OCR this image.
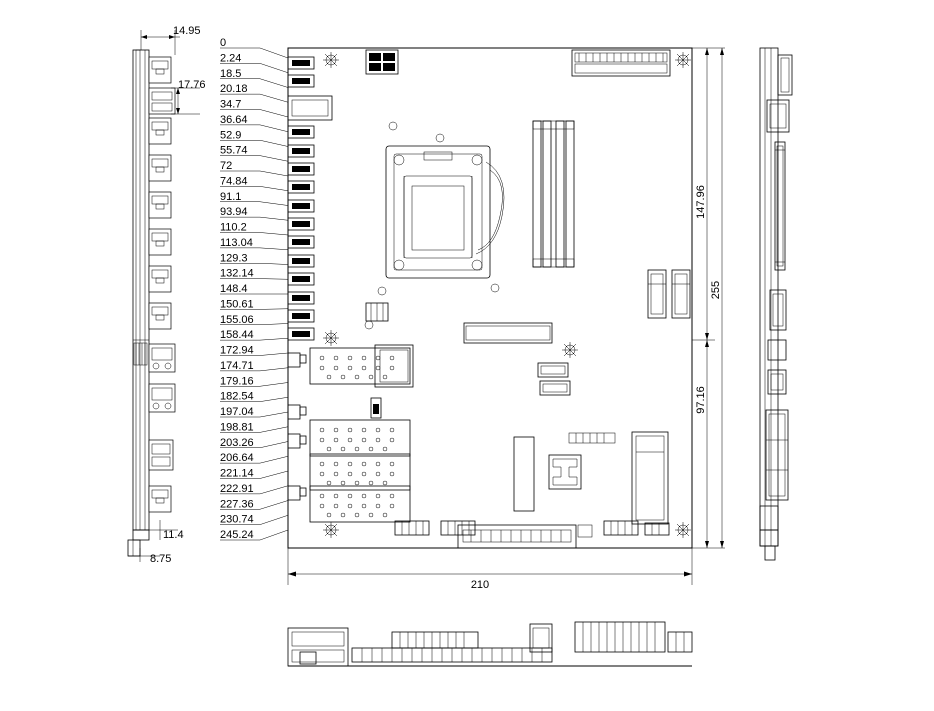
14.95
17.76
11.4
8.75
0
2.24
18.5
20.18
34.7
36.64
52.9
55.74
72
74.84
91.1
93.94
110.2
113.04
129.3
132.14
148.4
150.61
155.06
158.44
172.94
174.71
179.16
182.54
197.04
198.81
203.26
206.64
221.14
222.91
227.36
230.74
245.24
147.96
97.16
255
210
